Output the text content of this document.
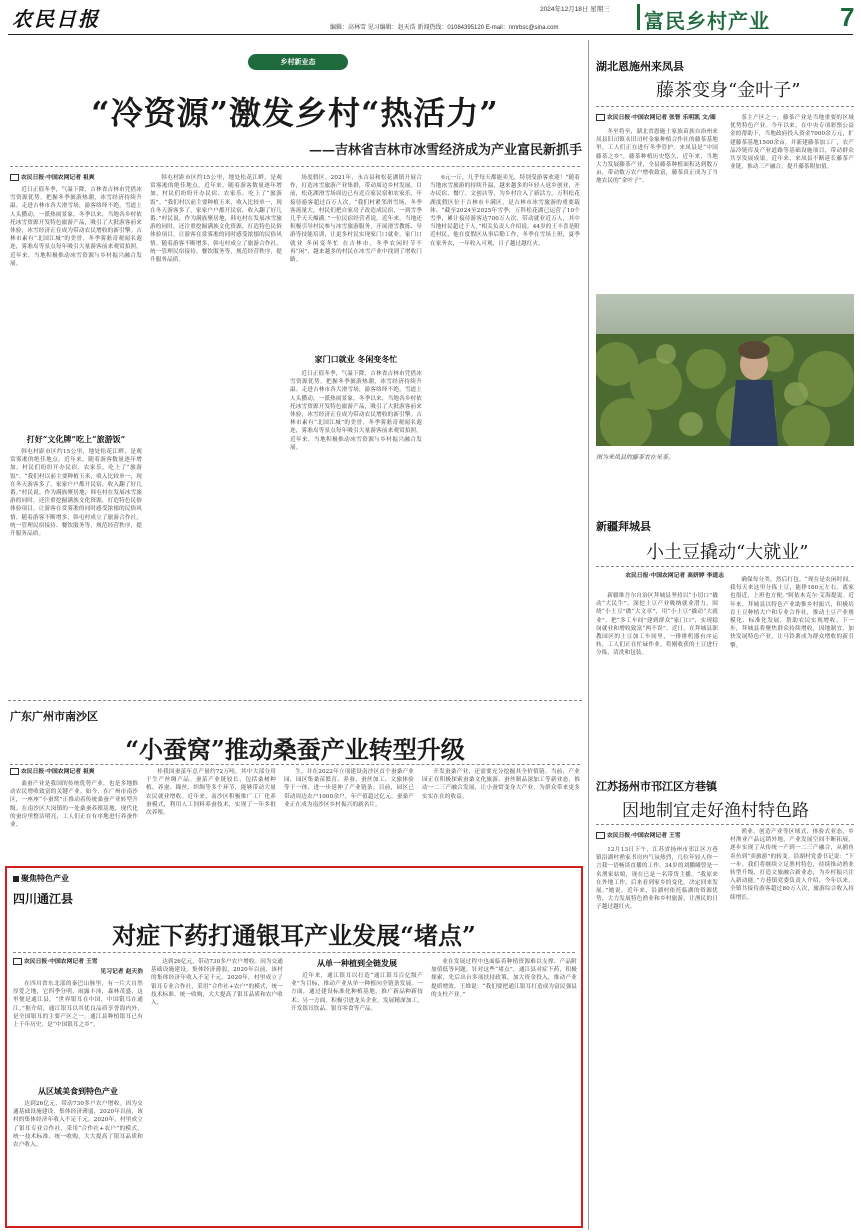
农民日报	2024年12月18日 星期三
编辑：高林雪 见习编辑：赵天浩 新闻热线：01084395120 E-mail：nmrbsc@sina.com	富民乡村产业	7
乡村新业态
“冷资源”激发乡村“热活力”
——吉林省吉林市冰雪经济成为产业富民新抓手
农民日报·中国农网记者 祖爽

近日正值冬季，气温下降，吉林省吉林市凭借冰雪资源优势，把握冬季旅游热潮，冰雪经济持续升温。走进吉林市各大滑雪场，游客络绎不绝，雪道上人头攒动，一派热闹景象。冬季以来，当地各乡村依托冰雪资源开发特色旅游产品，吸引了大批游客前来体验，冰雪经济正在成为带动农民增收的新引擎。吉林市素有“北国江城”的美誉，冬季雾凇奇观闻名遐迩，雾凇岛等景点每年吸引大量游客前来观赏拍照。近年来，当地积极推动冰雪资源与乡村振兴融合发展。

打好“文化牌”吃上“旅游饭”

韩屯村距市区约15公里，地处松花江畔，是观赏雾凇的绝佳地点。近年来，随着游客数量逐年增加，村民们纷纷开办民宿、农家乐，吃上了“旅游饭”。“我们村以前主要种植玉米，收入比较单一，现在冬天游客多了，家家户户都开民宿，收入翻了好几番。”村民说。作为满族聚居地，韩屯村在发展冰雪旅游的同时，还注重挖掘满族文化资源，打造特色民俗体验项目，让游客在赏雾凇的同时感受浓郁的民俗风情。随着游客不断增多，韩屯村成立了旅游合作社，统一管理民宿接待、餐饮服务等，规范经营秩序，提升服务品质。

韩屯村距市区约15公里，地处松花江畔，是观赏雾凇的绝佳地点。近年来，随着游客数量逐年增加，村民们纷纷开办民宿、农家乐，吃上了“旅游饭”。“我们村以前主要种植玉米，收入比较单一，现在冬天游客多了，家家户户都开民宿，收入翻了好几番。”村民说。作为满族聚居地，韩屯村在发展冰雪旅游的同时，还注重挖掘满族文化资源，打造特色民俗体验项目，让游客在赏雾凇的同时感受浓郁的民俗风情。随着游客不断增多，韩屯村成立了旅游合作社，统一管理民宿接待、餐饮服务等，规范经营秩序，提升服务品质。

场度假区。2021年，永吉县和松花湖镇开展合作，打造冰雪旅游产业集群，带动周边乡村发展。目前，松花湖滑雪场周边已有近百家民宿和农家乐，年接待游客超过百万人次。“我们村紧邻滑雪场，冬季客流量大，村民们把自家房子改造成民宿，一到雪季几乎天天爆满。”一位民宿经营者说。近年来，当地还积极引导村民参与冰雪旅游服务，开展滑雪教练、导游等技能培训，让更多村民实现家门口就业。家门口就业 冬闲变冬忙 在吉林市，冬季农闲时节不再“闲”，越来越多的村民在冰雪产业中找到了增收门路。

家门口就业 冬闲变冬忙

近日正值冬季，气温下降，吉林省吉林市凭借冰雪资源优势，把握冬季旅游热潮，冰雪经济持续升温。走进吉林市各大滑雪场，游客络绎不绝，雪道上人头攒动，一派热闹景象。冬季以来，当地各乡村依托冰雪资源开发特色旅游产品，吸引了大批游客前来体验，冰雪经济正在成为带动农民增收的新引擎。吉林市素有“北国江城”的美誉，冬季雾凇奇观闻名遐迩，雾凇岛等景点每年吸引大量游客前来观赏拍照。近年来，当地积极推动冰雪资源与乡村振兴融合发展。

6元一斤，几乎每天都能卖光，特别受游客欢迎！”随着当地冰雪旅游的持续升温，越来越多的年轻人返乡创业，开办民宿、餐厅、文创店等，为乡村注入了新活力。万科松花湖度假区位于吉林市丰满区，是吉林市冰雪旅游的重要载体。“截至2024至2025年雪季，万科松花湖已运营了10个雪季，累计接待游客达700万人次，带动就业近万人，其中当地村民超过千人。”相关负责人介绍说。44岁的王丰喜是附近村民，他在度假区从事后勤工作，冬季在雪场上班，夏季在家务农，一年收入可观，日子越过越红火。

湖北恩施州来凤县
藤茶变身“金叶子”
农民日报·中国农网记者 张智 乐明凯 文/图

冬至将至，湖北省恩施土家族苗族自治州来凤县旧司镇永旧司村金象种植合作社的藤茶基地里，工人们正在进行冬季管护。来凤县是“中国藤茶之乡”，藤茶种植历史悠久，近年来，当地大力发展藤茶产业，全县藤茶种植面积达到数万亩，带动数万农户增收致富，藤茶真正成为了当地农民的“金叶子”。

茶主产区之一，藤茶产业是当地重要的区域优势特色产业。今年以来，在中央专项彩票公益金的帮助下，当地政府投入资金7000余万元，扩建藤茶基地1500余亩，并新建藤茶加工厂，农产品冷链库及产业道路等基础设施项目，带动群众共享发展成果。近年来，来凤县不断延长藤茶产业链，推动三产融合，提升藤茶附加值。

图为来凤县的藤茶农在采茶。
新疆拜城县
小土豆撬动“大就业”
农民日报·中国农网记者 高妍婷 李道志

新疆维吾尔自治区拜城县坚持以“小切口”撬动“大民生”，深挖土豆产业吸纳就业潜力，围绕“小土豆”做“大文章”，用“小土豆”撬动“大就业”，把“多工车间”建到群众“家门口”，实现稳岗就业和增收致富“两不误”。近日，在拜城县职教园区的土豆加工车间里，一排排机器有序运转，工人们正在忙碌作业，将刚收获的土豆进行分拣、清洗和包装。

确保每分类，然后打包。“现在是农闲时间，我每天来这里分拣土豆，能挣160元左右，离家也很近，上班也方便。”阿依木克尔·艾海提说。近年来，拜城县以特色产业助推乡村振兴，积极培育土豆种植大户和专业合作社，推动土豆产业规模化、标准化发展，帮助农民实现增收。下一步，拜城县将聚焦群众持续增收，因地制宜，加快发展特色产业，让马铃薯成为群众增收的新引擎。

广东广州市南沙区
“小蚕窝”推动桑蚕产业转型升级
农民日报·中国农网记者 祖爽

桑蚕产业是我国的传统优势产业，也是多地推动农民增收致富的关键产业。如今，在广州市南沙区，一座座“小蚕窝”正推动着传统桑蚕产业转型升级。在南沙区大岗镇的一处桑蚕养殖基地，现代化的蚕房里整洁明亮，工人们正在有序地进行养蚕作业。

桂我国蚕茧年总产量约72万吨，其中大部分用于生产丝绸产品。蚕茧产业链较长，包括桑树种植、养蚕、缫丝、织绸等多个环节，能够带动大量农民就业增收。近年来，南沙区积极推广工厂化养蚕模式，利用人工饲料养蚕技术，实现了一年多批次养殖。

生，并在2022年立项建设南沙区首个蚕桑产业园，园区集桑苗繁育、养蚕、蚕丝加工、文旅体验等于一体，进一步延伸了产业链条。目前，园区已带动周边农户1000余户，年产值超过亿元。蚕桑产业正在成为南沙区乡村振兴的新名片。

开发蚕桑产业，还需要充分挖掘其全价值链。当前，产业园正在积极探索蚕桑文化旅游、蚕丝制品深加工等新业态，推动一二三产融合发展，让小蚕窝变身大产业，为群众带来更多实实在在的收益。

江苏扬州市邗江区方巷镇
因地制宜走好渔村特色路
农民日报·中国农网记者 王雪

12月13日下午，江苏省扬州市邗江区方巷镇沿湖村渔家书房内气氛热烈，几位年轻人你一言我一语畅谈直播的工作。34岁的刘鹏曦曾是一名渔家姑娘，现在已是一名带货主播。“我原来在外地工作，后来看到家乡的变化，决定回来发展。”她说。近年来，沿湖村依托临湖的资源优势，大力发展特色渔业和乡村旅游，让渔民的日子越过越红火。

渔业，创造产业等区域式，体验式业态，乡村渔业产品远销外地，产业发展空间不断拓展，逐步实现了从传统一产到一二三产融合，从捕鱼卖鱼到“卖旅游”的转变。沿湖村党委书记说：“下一步，我们将继续立足渔村特色，持续推动渔业转型升级，打造文旅融合新业态，为乡村振兴注入新动能。”方巷镇党委负责人介绍，今年以来，全镇共接待游客超过80万人次，旅游综合收入持续增长。

聚焦特色产业
四川通江县
对症下药打通银耳产业发展“堵点”
农民日报·中国农网记者 王雪
见习记者 赵天浩

在四川省东北部的秦巴山脉里，有一片大自然厚爱之地，它四季分明，雨露丰沛，森林茂盛，这里便是通江县。“世界银耳在中国，中国银耳在通江。”据介绍，通江银耳以其优良品质享誉海内外，是全国银耳的主要产区之一。通江县种植银耳已有上千年历史，是“中国银耳之乡”。

从区域美食到特色产业

达到26亿元，带动730多户农户增收。因为交通基础设施建设，集体经济薄弱，2020年以前，该村的集体经济年收入不足千元。2020年，村里成立了银耳专业合作社，采用“合作社+农户”的模式，统一技术标准、统一收购，大大提高了银耳品质和农户收入。

达到26亿元，带动730多户农户增收。因为交通基础设施建设，集体经济薄弱，2020年以前，该村的集体经济年收入不足千元。2020年，村里成立了银耳专业合作社，采用“合作社+农户”的模式，统一技术标准、统一收购，大大提高了银耳品质和农户收入。

从单一种植到全链发展

近年来，通江银耳以打造“通江银耳百亿级产业”为目标，推动产业从单一种植向全链条发展。一方面，通过建设标准化种植基地，推广新品种新技术；另一方面，积极引进龙头企业，发展精深加工，开发银耳饮品、银耳零食等产品。

业在发展过程中也面临着种植资源难以支撑、产品附加值低等问题。针对这些“堵点”，通江县对症下药，积极探索，先后出台多项扶持政策，加大资金投入，推动产业提质增效。王维说：“我们要把通江银耳打造成为富民强县的支柱产业。”
